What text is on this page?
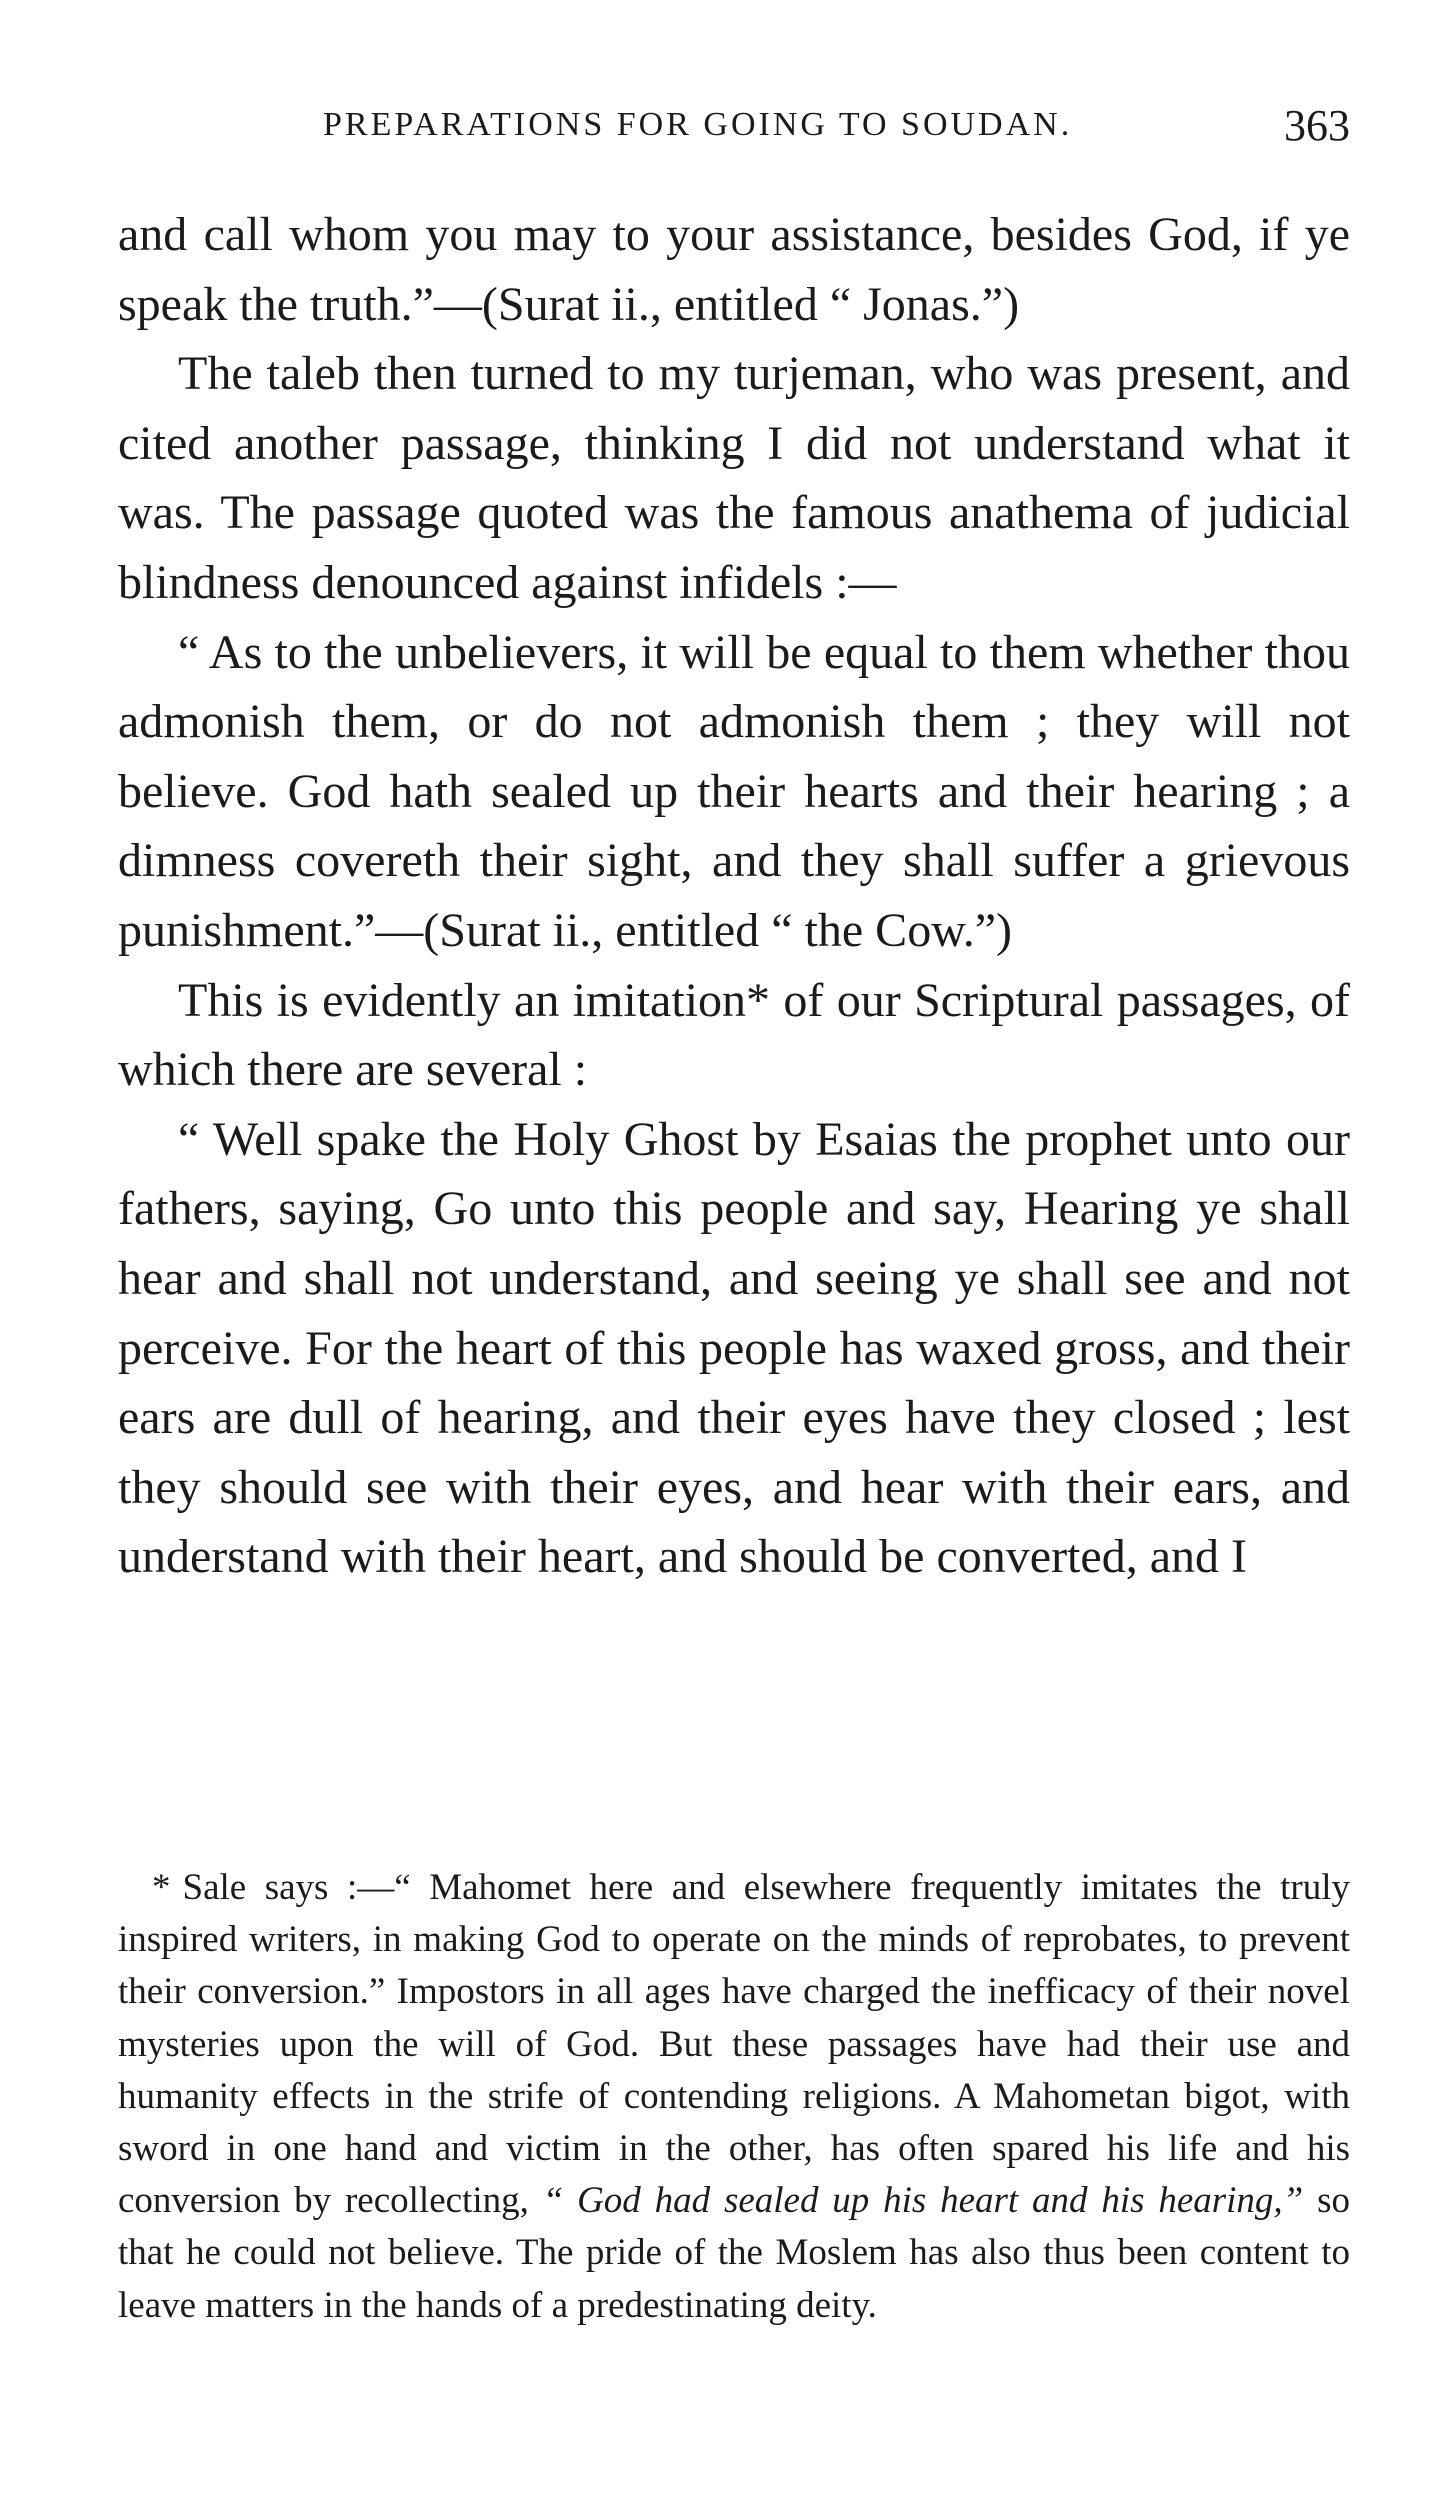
PREPARATIONS FOR GOING TO SOUDAN.	363

and call whom you may to your assistance, besides God, if ye speak the truth.”—(Surat ii., entitled “ Jonas.”)

The taleb then turned to my turjeman, who was present, and cited another passage, thinking I did not understand what it was. The passage quoted was the famous anathema of judicial blindness denounced against infidels :—

“ As to the unbelievers, it will be equal to them whether thou admonish them, or do not admonish them ; they will not believe. God hath sealed up their hearts and their hearing ; a dimness covereth their sight, and they shall suffer a grievous punishment.”—(Surat ii., entitled “ the Cow.”)

This is evidently an imitation* of our Scriptural passages, of which there are several :

“ Well spake the Holy Ghost by Esaias the prophet unto our fathers, saying, Go unto this people and say, Hearing ye shall hear and shall not understand, and seeing ye shall see and not perceive. For the heart of this people has waxed gross, and their ears are dull of hearing, and their eyes have they closed ; lest they should see with their eyes, and hear with their ears, and understand with their heart, and should be converted, and I

* Sale says :—“ Mahomet here and elsewhere frequently imitates the truly inspired writers, in making God to operate on the minds of reprobates, to prevent their conversion.” Impostors in all ages have charged the inefficacy of their novel mysteries upon the will of God. But these passages have had their use and humanity effects in the strife of contending religions. A Mahometan bigot, with sword in one hand and victim in the other, has often spared his life and his conversion by recollecting, “ God had sealed up his heart and his hearing,” so that he could not believe. The pride of the Moslem has also thus been content to leave matters in the hands of a predestinating deity.
